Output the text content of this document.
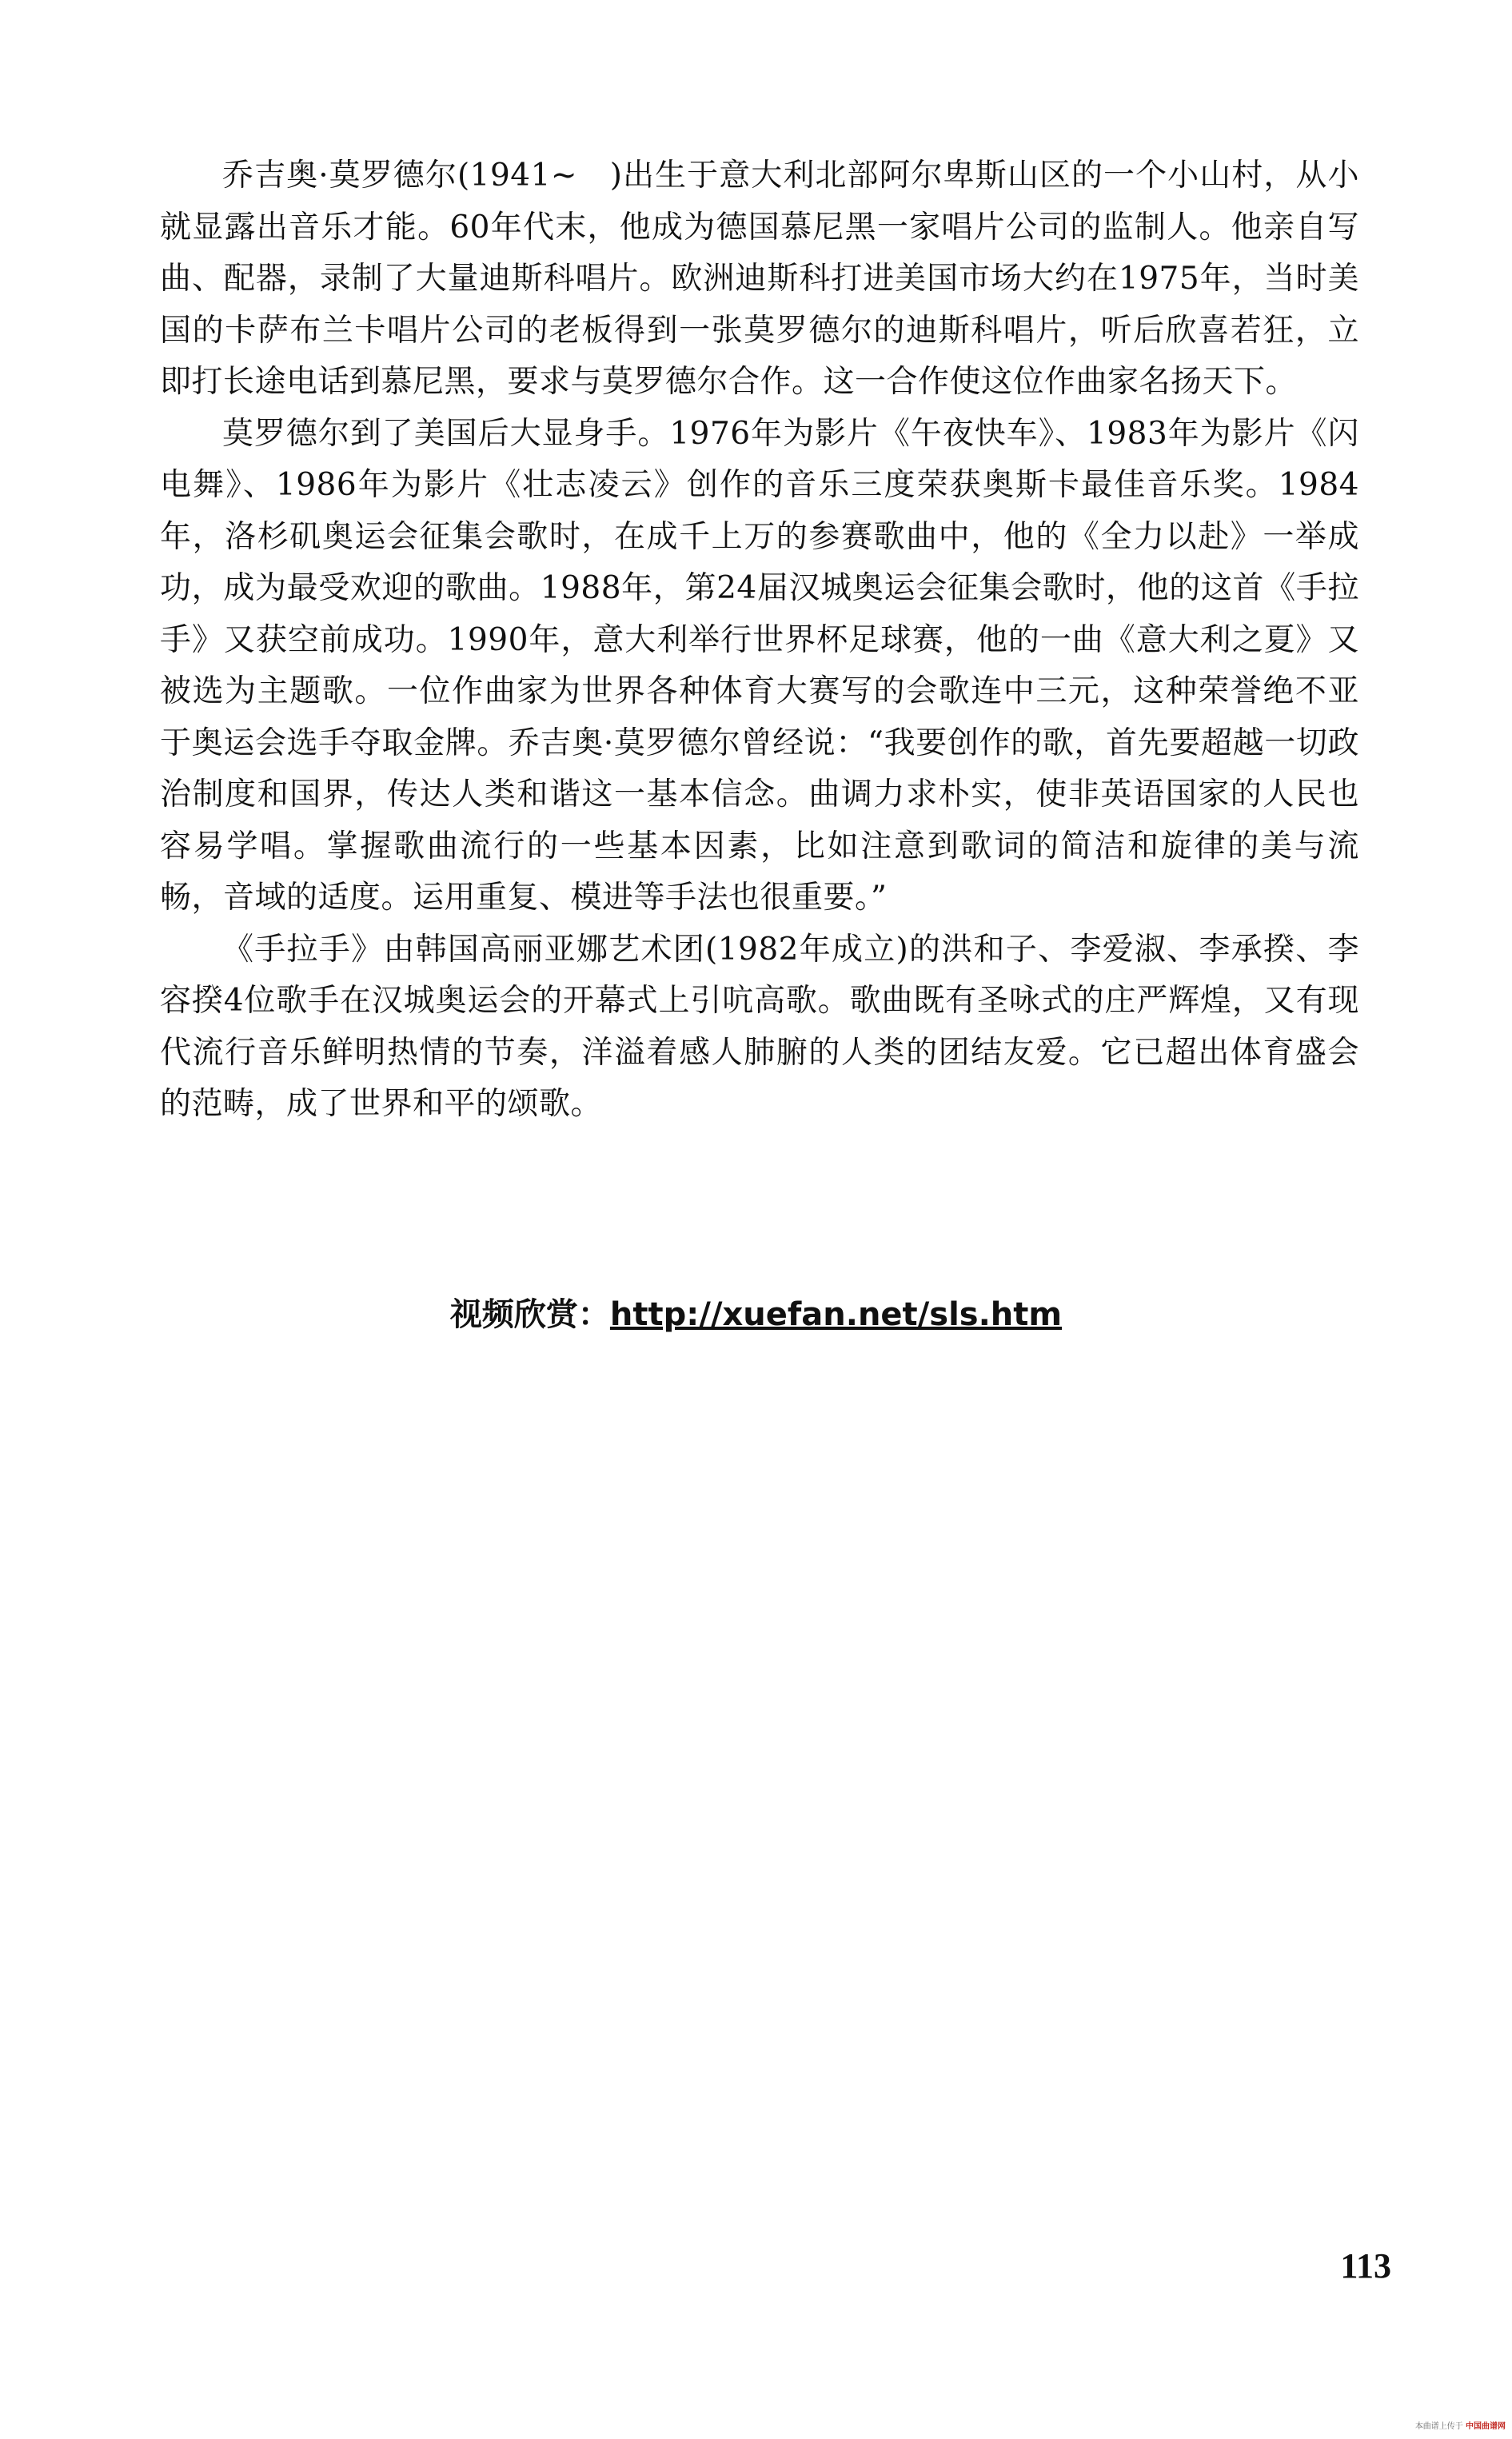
乔吉奥·莫罗德尔(1941~　)出生于意大利北部阿尔卑斯山区的一个小山村，从小就显露出音乐才能。60年代末，他成为德国慕尼黑一家唱片公司的监制人。他亲自写曲、配器，录制了大量迪斯科唱片。欧洲迪斯科打进美国市场大约在1975年，当时美国的卡萨布兰卡唱片公司的老板得到一张莫罗德尔的迪斯科唱片，听后欣喜若狂，立即打长途电话到慕尼黑，要求与莫罗德尔合作。这一合作使这位作曲家名扬天下。

莫罗德尔到了美国后大显身手。1976年为影片《午夜快车》、1983年为影片《闪电舞》、1986年为影片《壮志凌云》创作的音乐三度荣获奥斯卡最佳音乐奖。1984年，洛杉矶奥运会征集会歌时，在成千上万的参赛歌曲中，他的《全力以赴》一举成功，成为最受欢迎的歌曲。1988年，第24届汉城奥运会征集会歌时，他的这首《手拉手》又获空前成功。1990年，意大利举行世界杯足球赛，他的一曲《意大利之夏》又被选为主题歌。一位作曲家为世界各种体育大赛写的会歌连中三元，这种荣誉绝不亚于奥运会选手夺取金牌。乔吉奥·莫罗德尔曾经说：“我要创作的歌，首先要超越一切政治制度和国界，传达人类和谐这一基本信念。曲调力求朴实，使非英语国家的人民也容易学唱。掌握歌曲流行的一些基本因素，比如注意到歌词的简洁和旋律的美与流畅，音域的适度。运用重复、模进等手法也很重要。”

《手拉手》由韩国高丽亚娜艺术团(1982年成立)的洪和子、李爱淑、李承揆、李容揆4位歌手在汉城奥运会的开幕式上引吭高歌。歌曲既有圣咏式的庄严辉煌，又有现代流行音乐鲜明热情的节奏，洋溢着感人肺腑的人类的团结友爱。它已超出体育盛会的范畴，成了世界和平的颂歌。

视频欣赏：http://xuefan.net/sls.htm
113
本曲谱上传于 中国曲谱网
